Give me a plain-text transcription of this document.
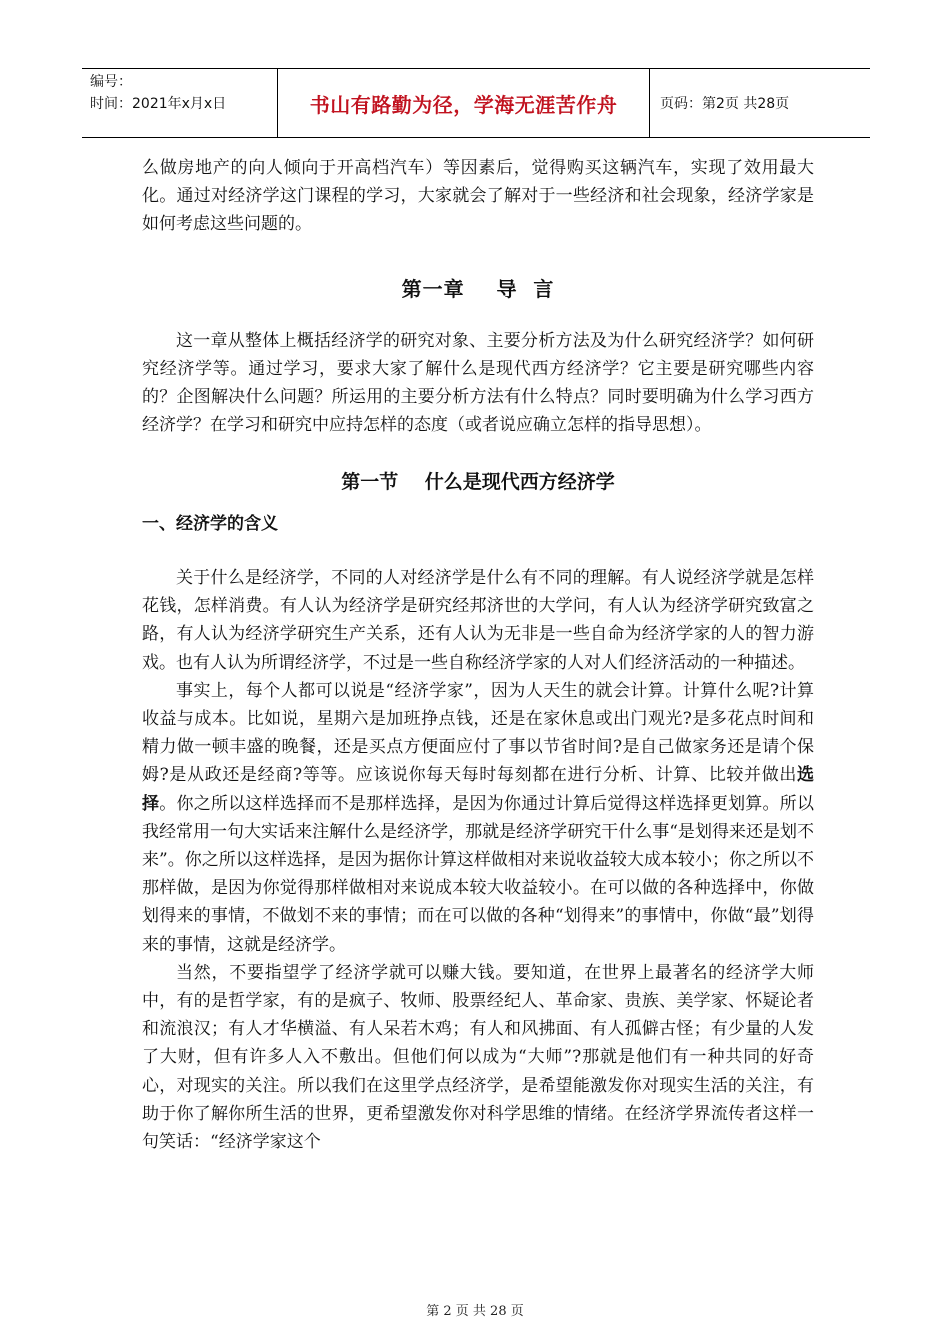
编号：
时间：2021年x月x日	书山有路勤为径，学海无涯苦作舟	页码：第2页 共28页

么做房地产的向人倾向于开高档汽车）等因素后，觉得购买这辆汽车，实现了效用最大化。通过对经济学这门课程的学习，大家就会了解对于一些经济和社会现象，经济学家是如何考虑这些问题的。

第一章    导  言

这一章从整体上概括经济学的研究对象、主要分析方法及为什么研究经济学？如何研究经济学等。通过学习，要求大家了解什么是现代西方经济学？它主要是研究哪些内容的？企图解决什么问题？所运用的主要分析方法有什么特点？同时要明确为什么学习西方经济学？在学习和研究中应持怎样的态度（或者说应确立怎样的指导思想）。

第一节    什么是现代西方经济学

一、经济学的含义

关于什么是经济学，不同的人对经济学是什么有不同的理解。有人说经济学就是怎样花钱，怎样消费。有人认为经济学是研究经邦济世的大学问，有人认为经济学研究致富之路，有人认为经济学研究生产关系，还有人认为无非是一些自命为经济学家的人的智力游戏。也有人认为所谓经济学，不过是一些自称经济学家的人对人们经济活动的一种描述。

事实上，每个人都可以说是“经济学家”，因为人天生的就会计算。计算什么呢?计算收益与成本。比如说，星期六是加班挣点钱，还是在家休息或出门观光?是多花点时间和精力做一顿丰盛的晚餐，还是买点方便面应付了事以节省时间?是自己做家务还是请个保姆?是从政还是经商?等等。应该说你每天每时每刻都在进行分析、计算、比较并做出选择。你之所以这样选择而不是那样选择，是因为你通过计算后觉得这样选择更划算。所以我经常用一句大实话来注解什么是经济学，那就是经济学研究干什么事“是划得来还是划不来”。你之所以这样选择，是因为据你计算这样做相对来说收益较大成本较小；你之所以不那样做，是因为你觉得那样做相对来说成本较大收益较小。在可以做的各种选择中，你做划得来的事情，不做划不来的事情；而在可以做的各种“划得来”的事情中，你做“最”划得来的事情，这就是经济学。

当然，不要指望学了经济学就可以赚大钱。要知道，在世界上最著名的经济学大师中，有的是哲学家，有的是疯子、牧师、股票经纪人、革命家、贵族、美学家、怀疑论者和流浪汉；有人才华横溢、有人呆若木鸡；有人和风拂面、有人孤僻古怪；有少量的人发了大财，但有许多人入不敷出。但他们何以成为“大师”?那就是他们有一种共同的好奇心，对现实的关注。所以我们在这里学点经济学，是希望能激发你对现实生活的关注，有助于你了解你所生活的世界，更希望激发你对科学思维的情绪。在经济学界流传者这样一句笑话：“经济学家这个

第 2 页 共 28 页
